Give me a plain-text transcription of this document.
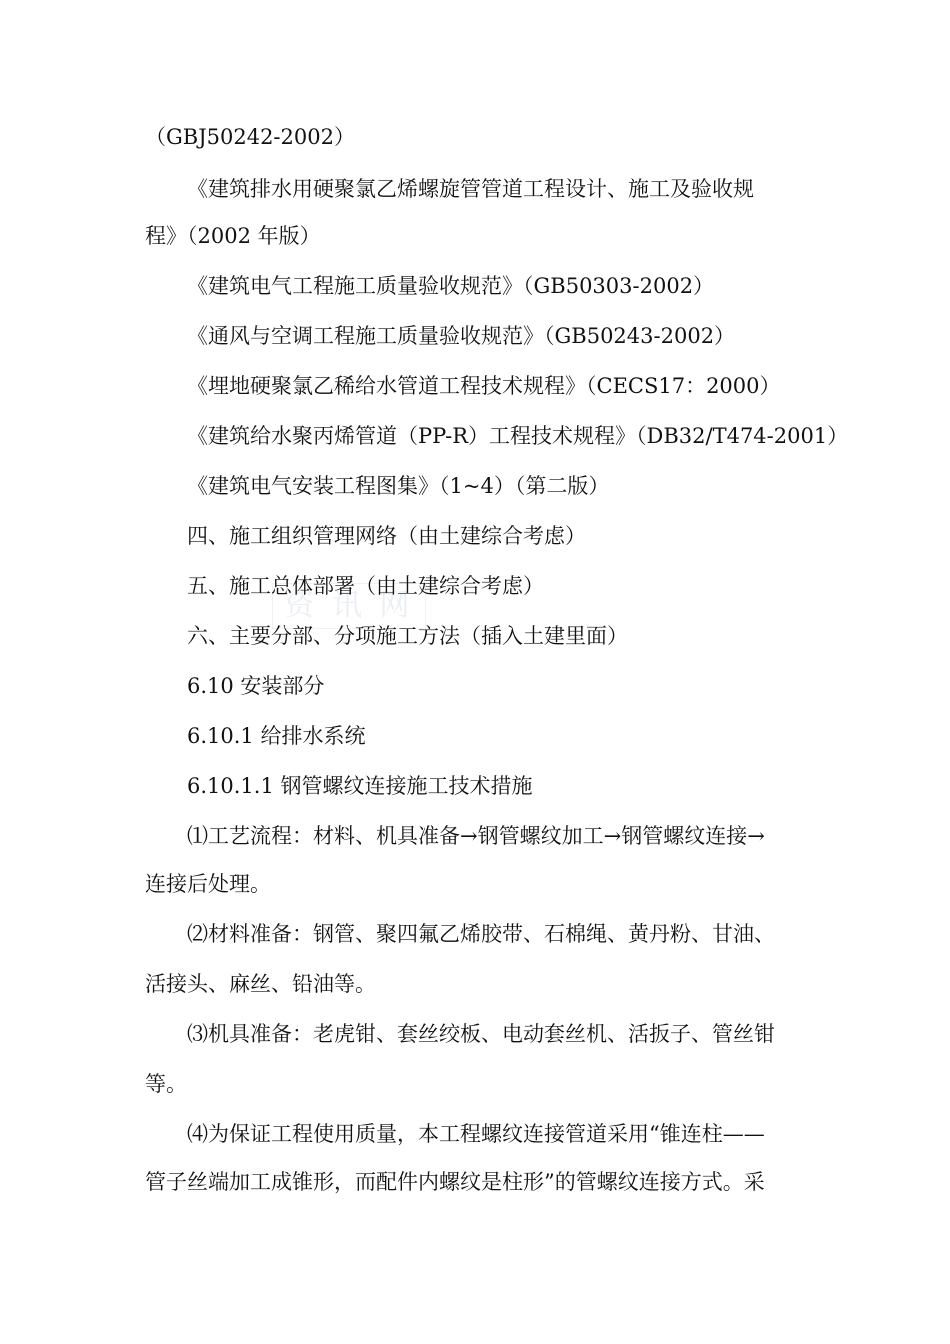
资 讯 网
（GBJ50242-2002）
《建筑排水用硬聚氯乙烯螺旋管管道工程设计、施工及验收规
程》（2002 年版）
《建筑电气工程施工质量验收规范》（GB50303-2002）
《通风与空调工程施工质量验收规范》（GB50243-2002）
《埋地硬聚氯乙稀给水管道工程技术规程》（CECS17：2000）
《建筑给水聚丙烯管道（PP-R）工程技术规程》（DB32/T474-2001）
《建筑电气安装工程图集》（1~4）（第二版）
四、施工组织管理网络（由土建综合考虑）
五、施工总体部署（由土建综合考虑）
六、主要分部、分项施工方法（插入土建里面）
6.10 安装部分
6.10.1 给排水系统
6.10.1.1 钢管螺纹连接施工技术措施
⑴工艺流程：材料、机具准备→钢管螺纹加工→钢管螺纹连接→
连接后处理。
⑵材料准备：钢管、聚四氟乙烯胶带、石棉绳、黄丹粉、甘油、
活接头、麻丝、铅油等。
⑶机具准备：老虎钳、套丝绞板、电动套丝机、活扳子、管丝钳
等。
⑷为保证工程使用质量，本工程螺纹连接管道采用“锥连柱——
管子丝端加工成锥形，而配件内螺纹是柱形”的管螺纹连接方式。采
